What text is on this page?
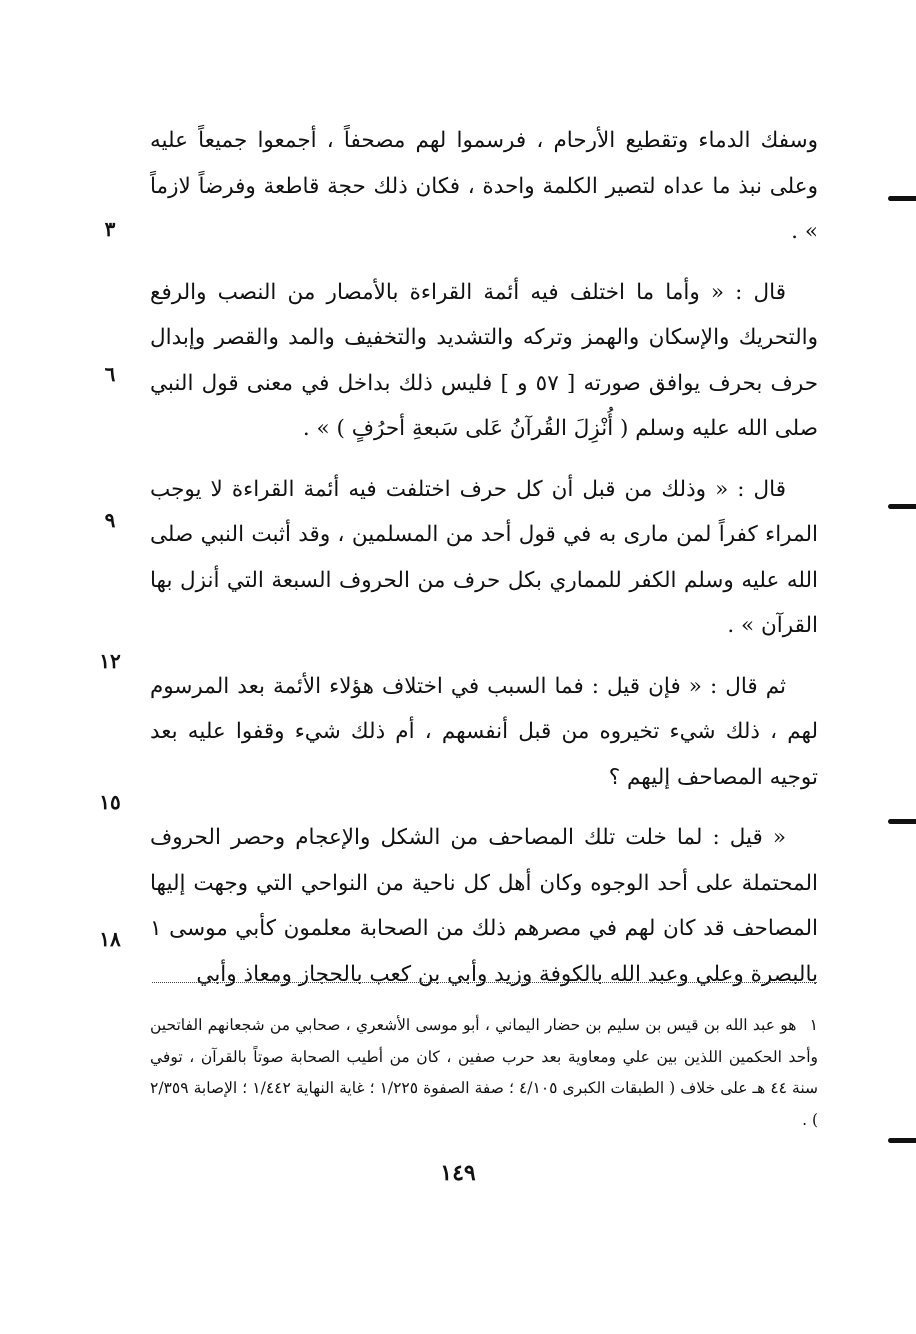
وسفك الدماء وتقطيع الأرحام ، فرسموا لهم مصحفاً ، أجمعوا جميعاً عليه وعلى نبذ ما عداه لتصير الكلمة واحدة ، فكان ذلك حجة قاطعة وفرضاً لازماً » .

قال : « وأما ما اختلف فيه أئمة القراءة بالأمصار من النصب والرفع والتحريك والإسكان والهمز وتركه والتشديد والتخفيف والمد والقصر وإبدال حرف بحرف يوافق صورته [ ٥٧ و ] فليس ذلك بداخل في معنى قول النبي صلى الله عليه وسلم ( أُنْزِلَ القُرآنُ عَلى سَبعةِ أحرُفٍ ) » .

قال : « وذلك من قبل أن كل حرف اختلفت فيه أئمة القراءة لا يوجب المراء كفراً لمن مارى به في قول أحد من المسلمين ، وقد أثبت النبي صلى الله عليه وسلم الكفر للمماري بكل حرف من الحروف السبعة التي أنزل بها القرآن » .

ثم قال : « فإن قيل : فما السبب في اختلاف هؤلاء الأئمة بعد المرسوم لهم ، ذلك شيء تخيروه من قبل أنفسهم ، أم ذلك شيء وقفوا عليه بعد توجيه المصاحف إليهم ؟

« قيل : لما خلت تلك المصاحف من الشكل والإعجام وحصر الحروف المحتملة على أحد الوجوه وكان أهل كل ناحية من النواحي التي وجهت إليها المصاحف قد كان لهم في مصرهم ذلك من الصحابة معلمون كأبي موسى ١ بالبصرة وعلي وعبد الله بالكوفة وزيد وأبي بن كعب بالحجاز ومعاذ وأبي

٣
٦
٩
١٢
١٥
١٨
١ هو عبد الله بن قيس بن سليم بن حضار اليماني ، أبو موسى الأشعري ، صحابي من شجعانهم الفاتحين وأحد الحكمين اللذين بين علي ومعاوية بعد حرب صفين ، كان من أطيب الصحابة صوتاً بالقرآن ، توفي سنة ٤٤ هـ على خلاف ( الطبقات الكبرى ٤/١٠٥ ؛ صفة الصفوة ١/٢٢٥ ؛ غاية النهاية ١/٤٤٢ ؛ الإصابة ٢/٣٥٩ ) .
١٤٩
